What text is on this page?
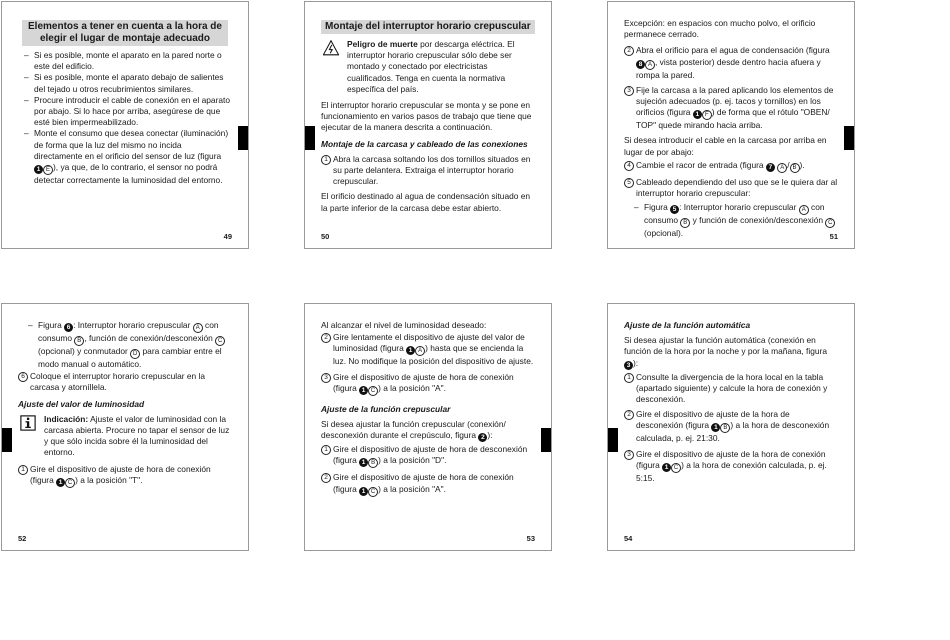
Elementos a tener en cuenta a la hora de elegir el lugar de montaje adecuado

– Si es posible, monte el aparato en la pared norte o este del edificio.

– Si es posible, monte el aparato debajo de salientes del tejado u otros recubrimientos similares.

– Procure introducir el cable de conexión en el aparato por abajo. Si lo hace por arriba, asegúrese de que esté bien impermeabilizado.

– Monte el consumo que desea conectar (iluminación) de forma que la luz del mismo no incida directamente en el orificio del sensor de luz (figura 1 E ), ya que, de lo contrario, el sensor no podrá detectar correctamente la luminosidad del entorno.

49
Montaje del interruptor horario crepuscular
Peligro de muerte por descarga eléctrica. El interruptor horario crepuscular sólo debe ser montado y conectado por electricistas cualificados. Tenga en cuenta la normativa específica del país.

El interruptor horario crepuscular se monta y se pone en funcionamiento en varios pasos de trabajo que tiene que ejecutar de la manera descrita a continuación.

Montaje de la carcasa y cableado de las conexiones

1 Abra la carcasa soltando los dos tornillos situados en su parte delantera. Extraiga el interruptor horario crepuscular.

El orificio destinado al agua de condensación situado en la parte inferior de la carcasa debe estar abierto.

50

Excepción: en espacios con mucho polvo, el orificio permanece cerrado.

2 Abra el orificio para el agua de condensación (figura 8 A , vista posterior) desde dentro hacia afuera y rompa la pared.
3 Fije la carcasa a la pared aplicando los elementos de sujeción adecuados (p. ej. tacos y tornillos) en los orificios (figura 1 F ) de forma que el rótulo "OBEN/ TOP" quede mirando hacia arriba.

Si desea introducir el cable en la carcasa por arriba en lugar de por abajo:

4 Cambie el racor de entrada (figura 7 A / B ).
5 Cableado dependiendo del uso que se le quiera dar al interruptor horario crepuscular:

– Figura 5 : Interruptor horario crepuscular A con consumo B y función de conexión/desconexión C (opcional).	51

– Figura 6 : Interruptor horario crepuscular A con consumo B , función de conexión/desconexión C (opcional) y conmutador D para cambiar entre el modo manual o automático.

6 Coloque el interruptor horario crepuscular en la carcasa y atorníllela.

Ajuste del valor de luminosidad

Indicación: Ajuste el valor de luminosidad con la carcasa abierta. Procure no tapar el sensor de luz y que sólo incida sobre él la luminosidad del entorno.
1 Gire el dispositivo de ajuste de hora de conexión (figura 1 C ) a la posición "T".
52

Al alcanzar el nivel de luminosidad deseado:

2 Gire lentamente el dispositivo de ajuste del valor de luminosidad (figura 1 A ) hasta que se encienda la luz. No modifique la posición del dispositivo de ajuste.
3 Gire el dispositivo de ajuste de hora de conexión (figura 1 C ) a la posición "A".

Ajuste de la función crepuscular

Si desea ajustar la función crepuscular (conexión/ desconexión durante el crepúsculo, figura 2 ):

1 Gire el dispositivo de ajuste de hora de desconexión (figura 1 B ) a la posición "D".
2 Gire el dispositivo de ajuste de hora de conexión (figura 1 C ) a la posición "A".
53

Ajuste de la función automática

Si desea ajustar la función automática (conexión en función de la hora por la noche y por la mañana, figura 3 ):

1 Consulte la divergencia de la hora local en la tabla (apartado siguiente) y calcule la hora de conexión y desconexión.
2 Gire el dispositivo de ajuste de la hora de desconexión (figura 1 B ) a la hora de desconexión calculada, p. ej. 21:30.
3 Gire el dispositivo de ajuste de la hora de conexión (figura 1 C ) a la hora de conexión calculada, p. ej. 5:15.
54
